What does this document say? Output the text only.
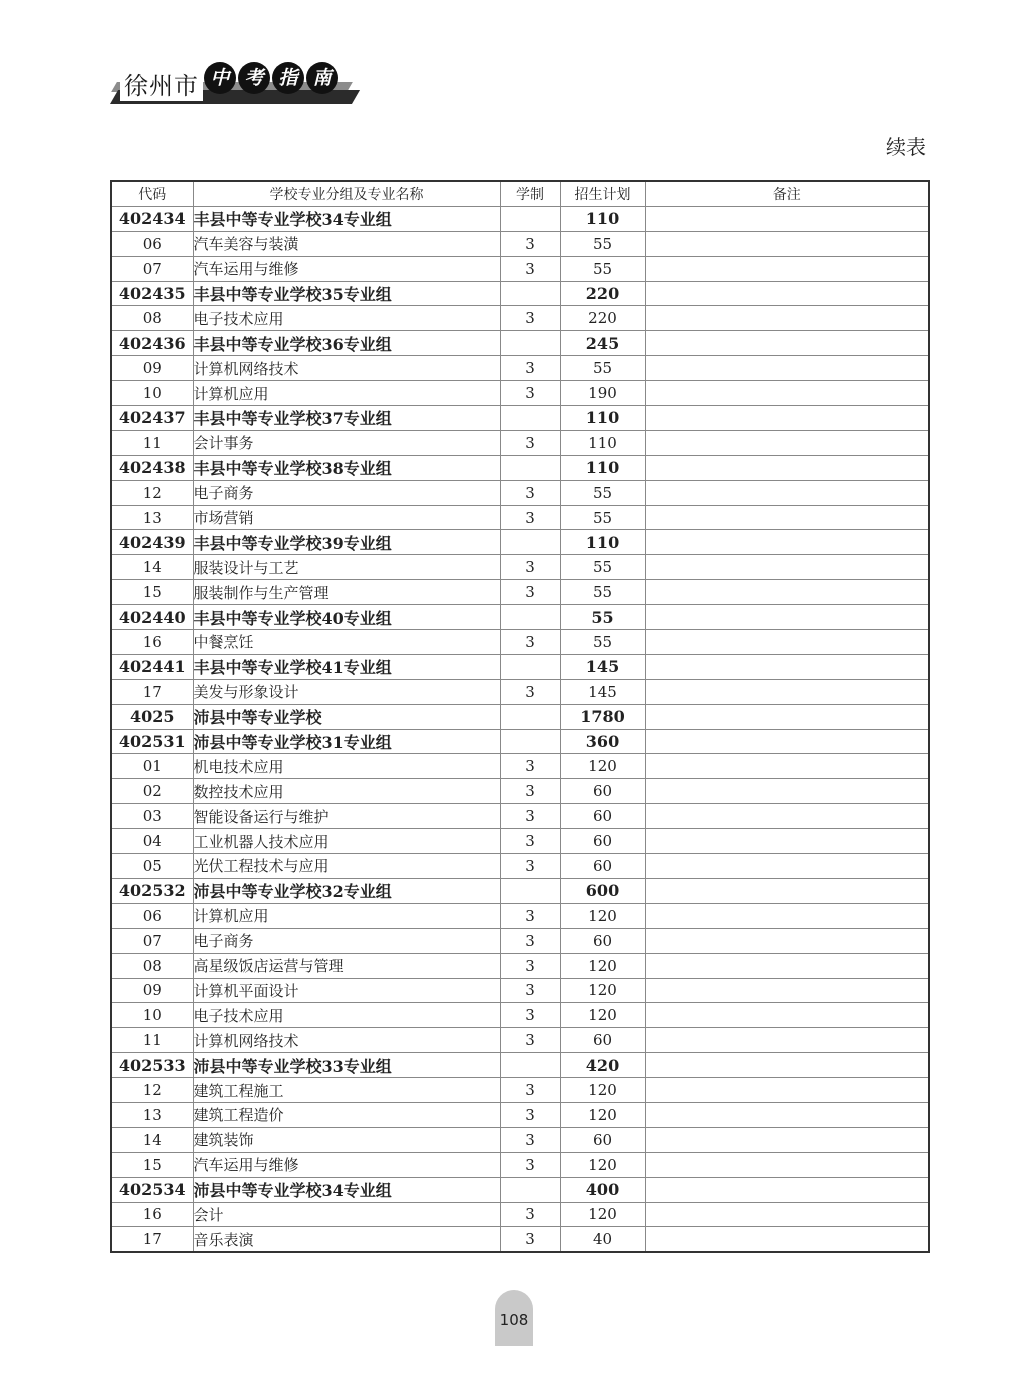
徐州市 中 考 指 南
续表
代码	学校专业分组及专业名称	学制	招生计划	备注
402434	丰县中等专业学校34专业组		110	
06	汽车美容与装潢	3	55	
07	汽车运用与维修	3	55	
402435	丰县中等专业学校35专业组		220	
08	电子技术应用	3	220	
402436	丰县中等专业学校36专业组		245	
09	计算机网络技术	3	55	
10	计算机应用	3	190	
402437	丰县中等专业学校37专业组		110	
11	会计事务	3	110	
402438	丰县中等专业学校38专业组		110	
12	电子商务	3	55	
13	市场营销	3	55	
402439	丰县中等专业学校39专业组		110	
14	服装设计与工艺	3	55	
15	服装制作与生产管理	3	55	
402440	丰县中等专业学校40专业组		55	
16	中餐烹饪	3	55	
402441	丰县中等专业学校41专业组		145	
17	美发与形象设计	3	145	
4025	沛县中等专业学校		1780	
402531	沛县中等专业学校31专业组		360	
01	机电技术应用	3	120	
02	数控技术应用	3	60	
03	智能设备运行与维护	3	60	
04	工业机器人技术应用	3	60	
05	光伏工程技术与应用	3	60	
402532	沛县中等专业学校32专业组		600	
06	计算机应用	3	120	
07	电子商务	3	60	
08	高星级饭店运营与管理	3	120	
09	计算机平面设计	3	120	
10	电子技术应用	3	120	
11	计算机网络技术	3	60	
402533	沛县中等专业学校33专业组		420	
12	建筑工程施工	3	120	
13	建筑工程造价	3	120	
14	建筑装饰	3	60	
15	汽车运用与维修	3	120	
402534	沛县中等专业学校34专业组		400	
16	会计	3	120	
17	音乐表演	3	40	
108
